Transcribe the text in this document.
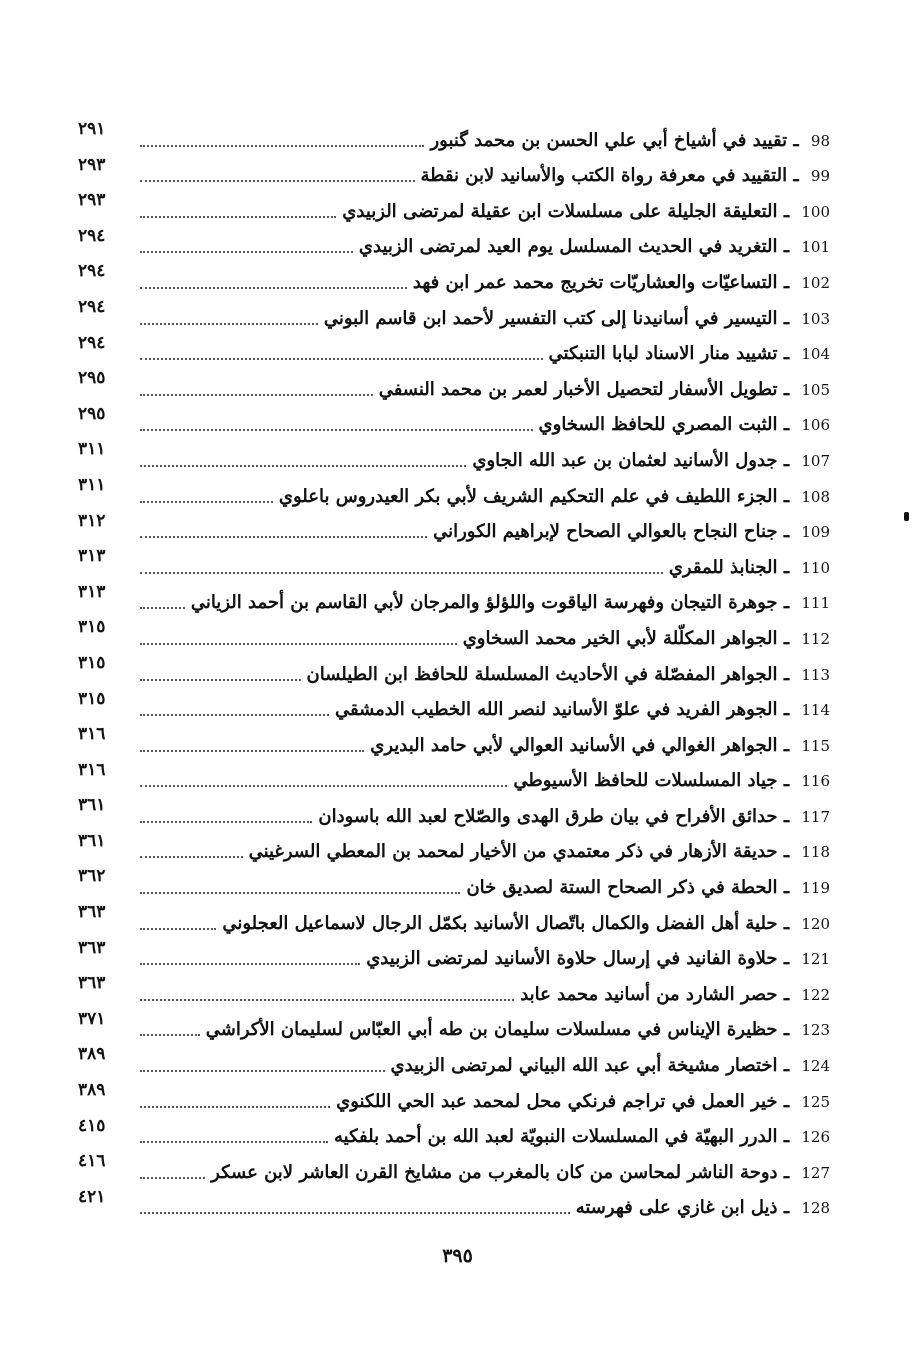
98 ـ تقييد في أشياخ أبي علي الحسن بن محمد گنبور
٢٩١
99 ـ التقييد في معرفة رواة الكتب والأسانيد لابن نقطة
٢٩٣
100 ـ التعليقة الجليلة على مسلسلات ابن عقيلة لمرتضى الزبيدي
٢٩٣
101 ـ التغريد في الحديث المسلسل يوم العيد لمرتضى الزبيدي
٢٩٤
102 ـ التساعيّات والعشاريّات تخريج محمد عمر ابن فهد
٢٩٤
103 ـ التيسير في أسانيدنا إلى كتب التفسير لأحمد ابن قاسم البوني
٢٩٤
104 ـ تشييد منار الاسناد لبابا التنبكتي
٢٩٤
105 ـ تطويل الأسفار لتحصيل الأخبار لعمر بن محمد النسفي
٢٩٥
106 ـ الثبت المصري للحافظ السخاوي
٢٩٥
107 ـ جدول الأسانيد لعثمان بن عبد الله الجاوي
٣١١
108 ـ الجزء اللطيف في علم التحكيم الشريف لأبي بكر العيدروس باعلوي
٣١١
109 ـ جناح النجاح بالعوالي الصحاح لإبراهيم الكوراني
٣١٢
110 ـ الجنابذ للمقري
٣١٣
111 ـ جوهرة التيجان وفهرسة الياقوت واللؤلؤ والمرجان لأبي القاسم بن أحمد الزياني
٣١٣
112 ـ الجواهر المكلّلة لأبي الخير محمد السخاوي
٣١٥
113 ـ الجواهر المفصّلة في الأحاديث المسلسلة للحافظ ابن الطيلسان
٣١٥
114 ـ الجوهر الفريد في علوّ الأسانيد لنصر الله الخطيب الدمشقي
٣١٥
115 ـ الجواهر الغوالي في الأسانيد العوالي لأبي حامد البديري
٣١٦
116 ـ جياد المسلسلات للحافظ الأسيوطي
٣١٦
117 ـ حدائق الأفراح في بيان طرق الهدى والصّلاح لعبد الله باسودان
٣٦١
118 ـ حديقة الأزهار في ذكر معتمدي من الأخيار لمحمد بن المعطي السرغيني
٣٦١
119 ـ الحطة في ذكر الصحاح الستة لصديق خان
٣٦٢
120 ـ حلية أهل الفضل والكمال باتّصال الأسانيد بكمّل الرجال لاسماعيل العجلوني
٣٦٣
121 ـ حلاوة الفانيد في إرسال حلاوة الأسانيد لمرتضى الزبيدي
٣٦٣
122 ـ حصر الشارد من أسانيد محمد عابد
٣٦٣
123 ـ حظيرة الإيناس في مسلسلات سليمان بن طه أبي العبّاس لسليمان الأكراشي
٣٧١
124 ـ اختصار مشيخة أبي عبد الله البياني لمرتضى الزبيدي
٣٨٩
125 ـ خير العمل في تراجم فرنكي محل لمحمد عبد الحي اللكنوي
٣٨٩
126 ـ الدرر البهيّة في المسلسلات النبويّة لعبد الله بن أحمد بلفكيه
٤١٥
127 ـ دوحة الناشر لمحاسن من كان بالمغرب من مشايخ القرن العاشر لابن عسكر
٤١٦
128 ـ ذيل ابن غازي على فهرسته
٤٢١
٣٩٥
